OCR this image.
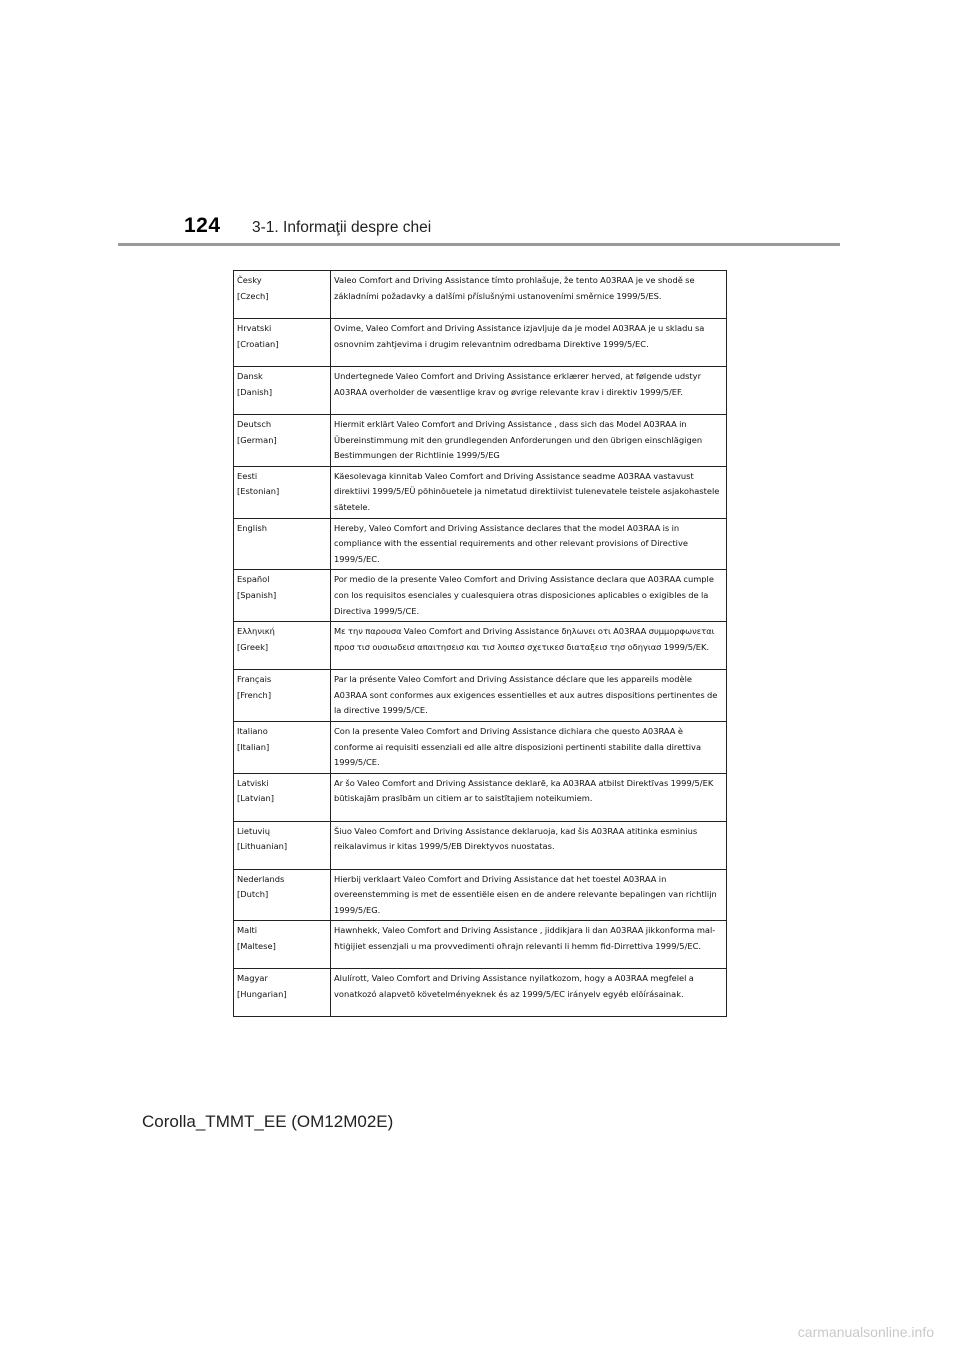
124	3-1. Informaţii despre chei
Česky
[Czech]	Valeo Comfort and Driving Assistance tímto prohlašuje, že tento A03RAA je ve shodě se základními požadavky a dalšími příslušnými ustanoveními směrnice 1999/5/ES.

Hrvatski
[Croatian]	Ovime, Valeo Comfort and Driving Assistance izjavljuje da je model A03RAA je u skladu sa osnovnim zahtjevima i drugim relevantnim odredbama Direktive 1999/5/EC.

Dansk
[Danish]	Undertegnede Valeo Comfort and Driving Assistance erklærer herved, at følgende udstyr A03RAA overholder de væsentlige krav og øvrige relevante krav i direktiv 1999/5/EF.

Deutsch
[German]	Hiermit erklärt Valeo Comfort and Driving Assistance , dass sich das Model A03RAA in Übereinstimmung mit den grundlegenden Anforderungen und den übrigen einschlägigen Bestimmungen der Richtlinie 1999/5/EG

Eesti
[Estonian]	Käesolevaga kinnitab Valeo Comfort and Driving Assistance seadme A03RAA vastavust direktiivi 1999/5/EÜ põhinõuetele ja nimetatud direktiivist tulenevatele teistele asjakohastele sätetele.

English	Hereby, Valeo Comfort and Driving Assistance declares that the model A03RAA is in compliance with the essential requirements and other relevant provisions of Directive 1999/5/EC.

Español
[Spanish]	Por medio de la presente Valeo Comfort and Driving Assistance declara que A03RAA cumple con los requisitos esenciales y cualesquiera otras disposiciones aplicables o exigibles de la Directiva 1999/5/CE.

Ελληνική
[Greek]	Με την παρουσα Valeo Comfort and Driving Assistance δηλωνει οτι A03RAA συμμορφωνεται προσ τισ ουσιωδεισ απαιτησεισ και τισ λοιπεσ σχετικεσ διαταξεισ τησ οδηγιασ 1999/5/ΕΚ.

Français
[French]	Par la présente Valeo Comfort and Driving Assistance déclare que les appareils modèle A03RAA sont conformes aux exigences essentielles et aux autres dispositions pertinentes de la directive 1999/5/CE.

Italiano
[Italian]	Con la presente Valeo Comfort and Driving Assistance dichiara che questo A03RAA è conforme ai requisiti essenziali ed alle altre disposizioni pertinenti stabilite dalla direttiva 1999/5/CE.

Latviski
[Latvian]	Ar šo Valeo Comfort and Driving Assistance deklarē, ka A03RAA atbilst Direktīvas 1999/5/EK būtiskajām prasībām un citiem ar to saistītajiem noteikumiem.

Lietuvių
[Lithuanian]	Šiuo Valeo Comfort and Driving Assistance deklaruoja, kad šis A03RAA atitinka esminius reikalavimus ir kitas 1999/5/EB Direktyvos nuostatas.

Nederlands
[Dutch]	Hierbij verklaart Valeo Comfort and Driving Assistance dat het toestel A03RAA in overeenstemming is met de essentiële eisen en de andere relevante bepalingen van richtlijn 1999/5/EG.

Malti
[Maltese]	Hawnhekk, Valeo Comfort and Driving Assistance , jiddikjara li dan A03RAA jikkonforma mal-ħtiġijiet essenzjali u ma provvedimenti oħrajn relevanti li hemm fid-Dirrettiva 1999/5/EC.

Magyar
[Hungarian]	Alulírott, Valeo Comfort and Driving Assistance nyilatkozom, hogy a A03RAA megfelel a vonatkozó alapvetõ követelményeknek és az 1999/5/EC irányelv egyéb elõírásainak.
Corolla_TMMT_EE (OM12M02E)
carmanualsonline.info
